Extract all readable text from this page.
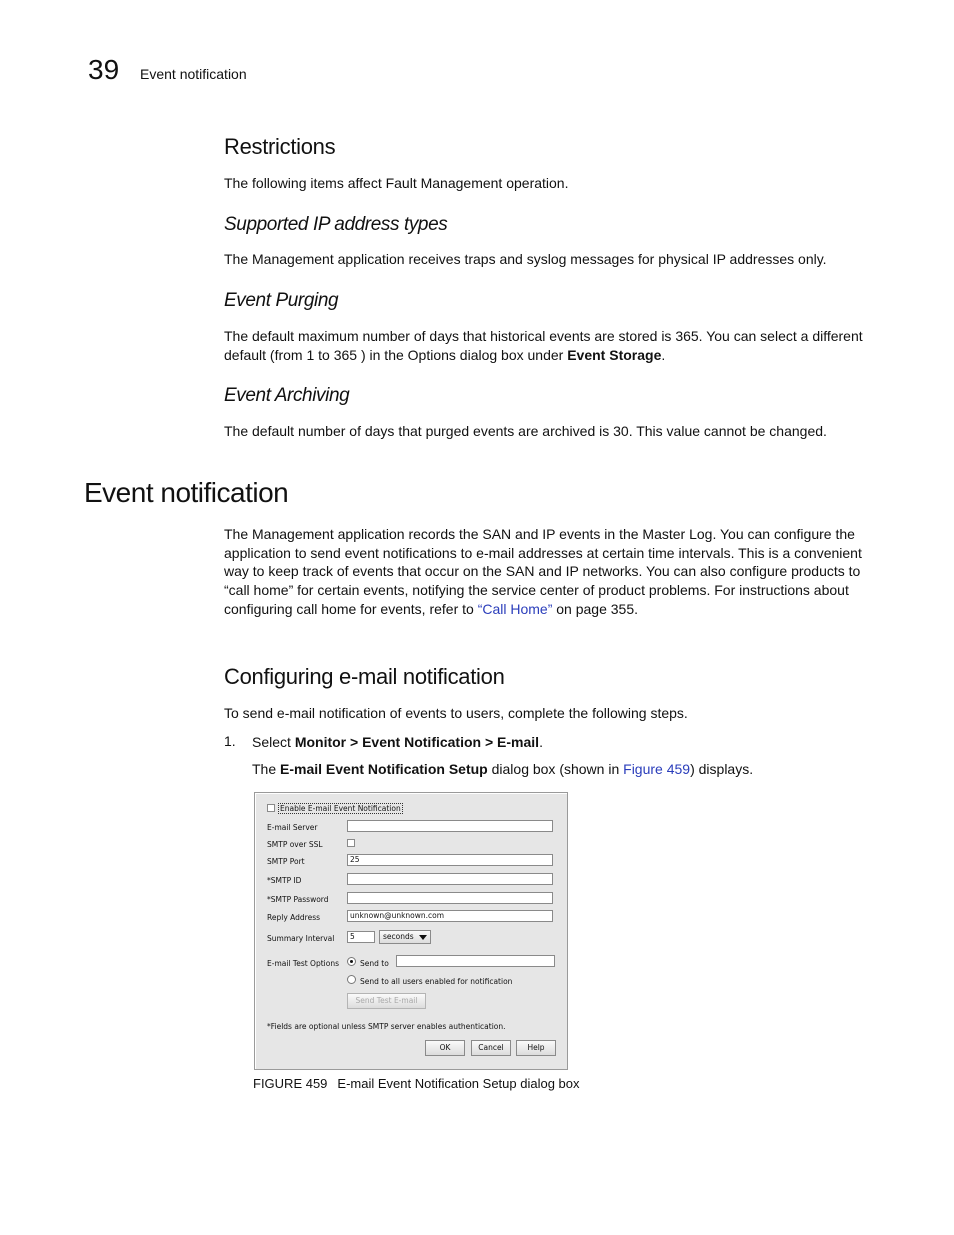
39 Event notification
Restrictions

The following items affect Fault Management operation.

Supported IP address types

The Management application receives traps and syslog messages for physical IP addresses only.

Event Purging

The default maximum number of days that historical events are stored is 365. You can select a different default (from 1 to 365 ) in the Options dialog box under Event Storage.

Event Archiving

The default number of days that purged events are archived is 30. This value cannot be changed.

Event notification

The Management application records the SAN and IP events in the Master Log. You can configure the application to send event notifications to e-mail addresses at certain time intervals. This is a convenient way to keep track of events that occur on the SAN and IP networks. You can also configure products to “call home” for certain events, notifying the service center of product problems. For instructions about configuring call home for events, refer to “Call Home” on page 355.

Configuring e-mail notification

To send e-mail notification of events to users, complete the following steps.

1. Select Monitor > Event Notification > E-mail.

The E-mail Event Notification Setup dialog box (shown in Figure 459) displays.

Enable E-mail Event Notification
E-mail Server
SMTP over SSL
SMTP Port	25
*SMTP ID
*SMTP Password
Reply Address	unknown@unknown.com
Summary Interval	5	seconds
E-mail Test Options	Send to
Send to all users enabled for notification
Send Test E-mail
*Fields are optional unless SMTP server enables authentication.
OK	Cancel	Help
FIGURE 459 E-mail Event Notification Setup dialog box
